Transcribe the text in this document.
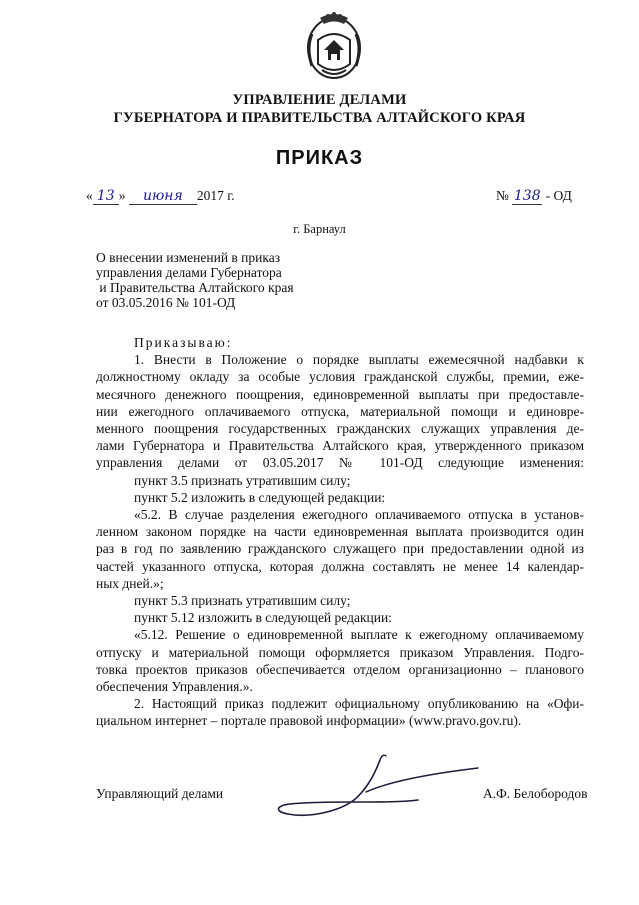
УПРАВЛЕНИЕ ДЕЛАМИ
ГУБЕРНАТОРА И ПРАВИТЕЛЬСТВА АЛТАЙСКОГО КРАЯ
ПРИКАЗ
« 13 » июня 2017 г.	№ 138 - ОД
г. Барнаул
О внесении изменений в приказ
управления делами Губернатора
и Правительства Алтайского края
от 03.05.2016 № 101-ОД

Приказываю:

1. Внести в Положение о порядке выплаты ежемесячной надбавки к

должностному окладу за особые условия гражданской службы, премии, еже-

месячного денежного поощрения, единовременной выплаты при предоставле-

нии ежегодного оплачиваемого отпуска, материальной помощи и единовре-

менного поощрения государственных гражданских служащих управления де-

лами Губернатора и Правительства Алтайского края, утвержденного приказом

управления делами от 03.05.2017 № 101-ОД следующие изменения:

пункт 3.5 признать утратившим силу;

пункт 5.2 изложить в следующей редакции:

«5.2. В случае разделения ежегодного оплачиваемого отпуска в установ-

ленном законом порядке на части единовременная выплата производится один

раз в год по заявлению гражданского служащего при предоставлении одной из

частей указанного отпуска, которая должна составлять не менее 14 календар-

ных дней.»;

пункт 5.3 признать утратившим силу;

пункт 5.12 изложить в следующей редакции:

«5.12. Решение о единовременной выплате к ежегодному оплачиваемому

отпуску и материальной помощи оформляется приказом Управления. Подго-

товка проектов приказов обеспечивается отделом организационно – планового

обеспечения Управления.».

2. Настоящий приказ подлежит официальному опубликованию на «Офи-

циальном интернет – портале правовой информации» (www.pravo.gov.ru).

Управляющий делами	А.Ф. Белобородов
